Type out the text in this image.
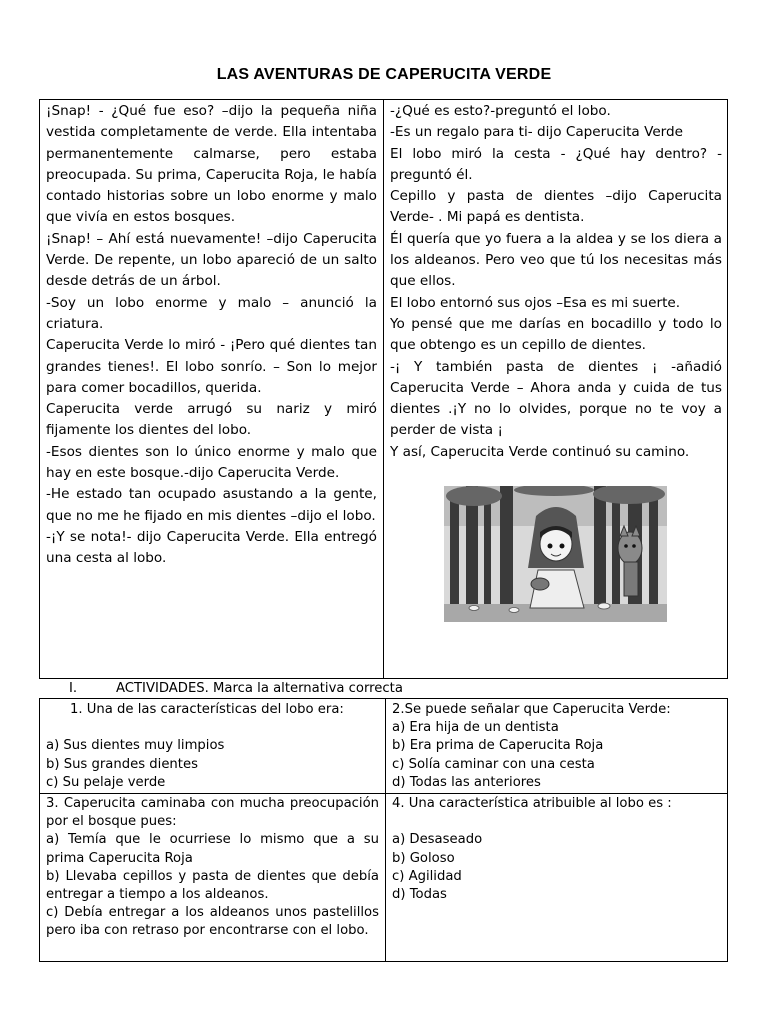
LAS AVENTURAS DE CAPERUCITA VERDE

¡Snap! - ¿Qué fue eso? –dijo la pequeña niña vestida completamente de verde. Ella intentaba permanentemente calmarse, pero estaba preocupada. Su prima, Caperucita Roja, le había contado historias sobre un lobo enorme y malo que vivía en estos bosques.

¡Snap! – Ahí está nuevamente! –dijo Caperucita Verde. De repente, un lobo apareció de un salto desde detrás de un árbol.

-Soy un lobo enorme y malo – anunció la criatura.

Caperucita Verde lo miró - ¡Pero qué dientes tan grandes tienes!. El lobo sonrío. – Son lo mejor para comer bocadillos, querida.

Caperucita verde arrugó su nariz y miró fijamente los dientes del lobo.

-Esos dientes son lo único enorme y malo que hay en este bosque.-dijo Caperucita Verde.

-He estado tan ocupado asustando a la gente, que no me he fijado en mis dientes –dijo el lobo.

-¡Y se nota!- dijo Caperucita Verde. Ella entregó una cesta al lobo.

-¿Qué es esto?-preguntó el lobo.

-Es un regalo para ti- dijo Caperucita Verde

El lobo miró la cesta - ¿Qué hay dentro? - preguntó él.

Cepillo y pasta de dientes –dijo Caperucita Verde- . Mi papá es dentista.

Él quería que yo fuera a la aldea y se los diera a los aldeanos. Pero veo que tú los necesitas más que ellos.

El lobo entornó sus ojos –Esa es mi suerte.

Yo pensé que me darías en bocadillo y todo lo que obtengo es un cepillo de dientes.

-¡ Y también pasta de dientes ¡ -añadió Caperucita Verde – Ahora anda y cuida de tus dientes .¡Y no lo olvides, porque no te voy a perder de vista ¡

Y así, Caperucita Verde continuó su camino.

I.	ACTIVIDADES. Marca la alternativa correcta

1. Una de las características del lobo era:

a) Sus dientes muy limpios

b) Sus grandes dientes

c) Su pelaje verde

2.Se puede señalar que Caperucita Verde:

a) Era hija de un dentista

b) Era prima de Caperucita Roja

c) Solía caminar con una cesta

d) Todas las anteriores

3. Caperucita caminaba con mucha preocupación por el bosque pues:

a) Temía que le ocurriese lo mismo que a su prima Caperucita Roja

b) Llevaba cepillos y pasta de dientes que debía entregar a tiempo a los aldeanos.

c) Debía entregar a los aldeanos unos pastelillos pero iba con retraso por encontrarse con el lobo.

4. Una característica atribuible al lobo es :

a) Desaseado

b) Goloso

c) Agilidad

d) Todas
